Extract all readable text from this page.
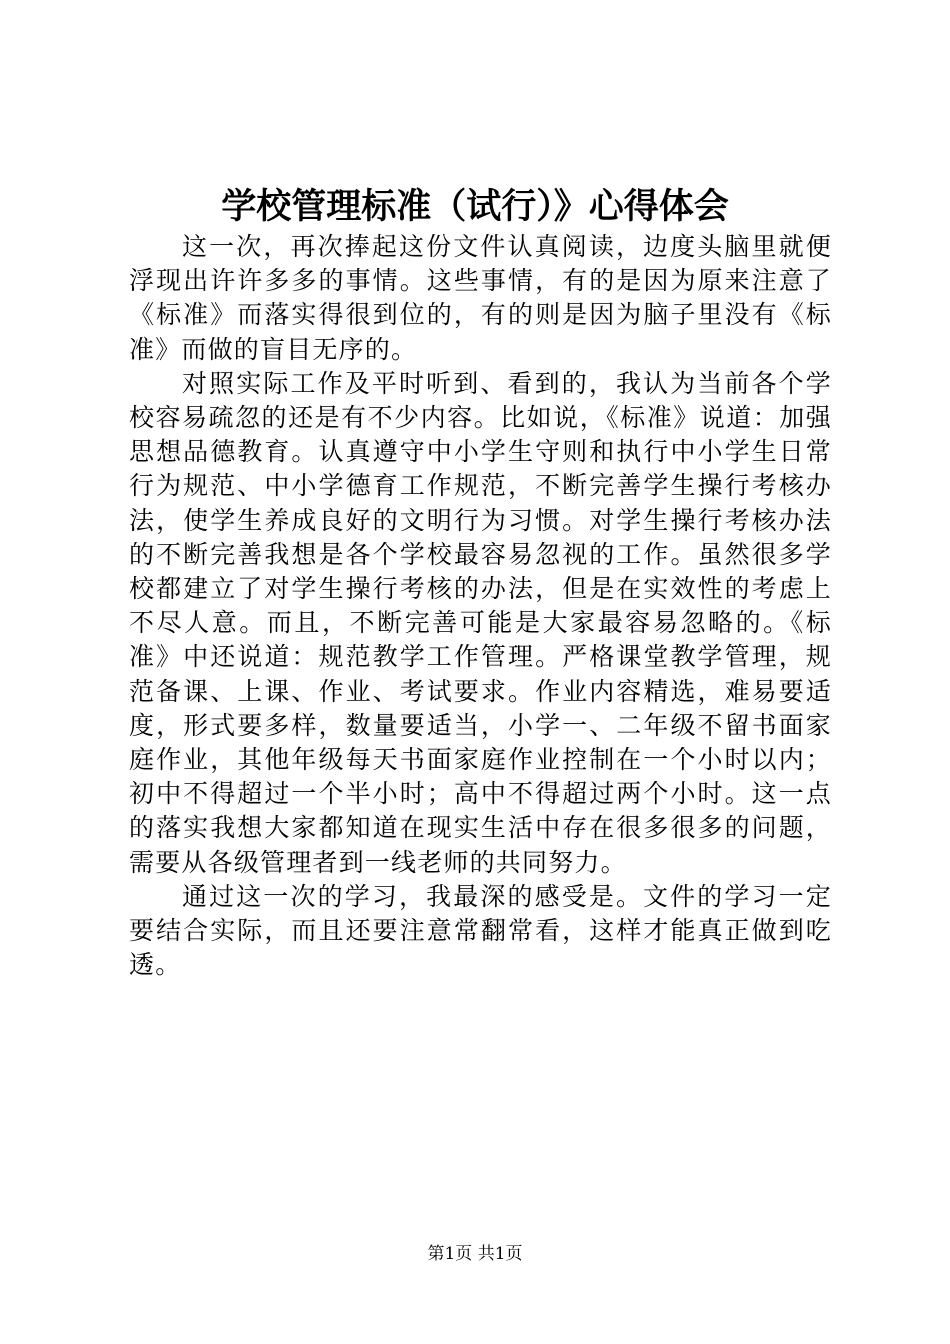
学校管理标准（试行）》心得体会

这一次，再次捧起这份文件认真阅读，边度头脑里就便浮现出许许多多的事情。这些事情，有的是因为原来注意了《标准》而落实得很到位的，有的则是因为脑子里没有《标准》而做的盲目无序的。

对照实际工作及平时听到、看到的，我认为当前各个学校容易疏忽的还是有不少内容。比如说，《标准》说道：加强思想品德教育。认真遵守中小学生守则和执行中小学生日常行为规范、中小学德育工作规范，不断完善学生操行考核办法，使学生养成良好的文明行为习惯。对学生操行考核办法的不断完善我想是各个学校最容易忽视的工作。虽然很多学校都建立了对学生操行考核的办法，但是在实效性的考虑上不尽人意。而且，不断完善可能是大家最容易忽略的。《标准》中还说道：规范教学工作管理。严格课堂教学管理，规范备课、上课、作业、考试要求。作业内容精选，难易要适度，形式要多样，数量要适当，小学一、二年级不留书面家庭作业，其他年级每天书面家庭作业控制在一个小时以内；初中不得超过一个半小时；高中不得超过两个小时。这一点的落实我想大家都知道在现实生活中存在很多很多的问题，需要从各级管理者到一线老师的共同努力。

通过这一次的学习，我最深的感受是。文件的学习一定要结合实际，而且还要注意常翻常看，这样才能真正做到吃透。

第1页 共1页
